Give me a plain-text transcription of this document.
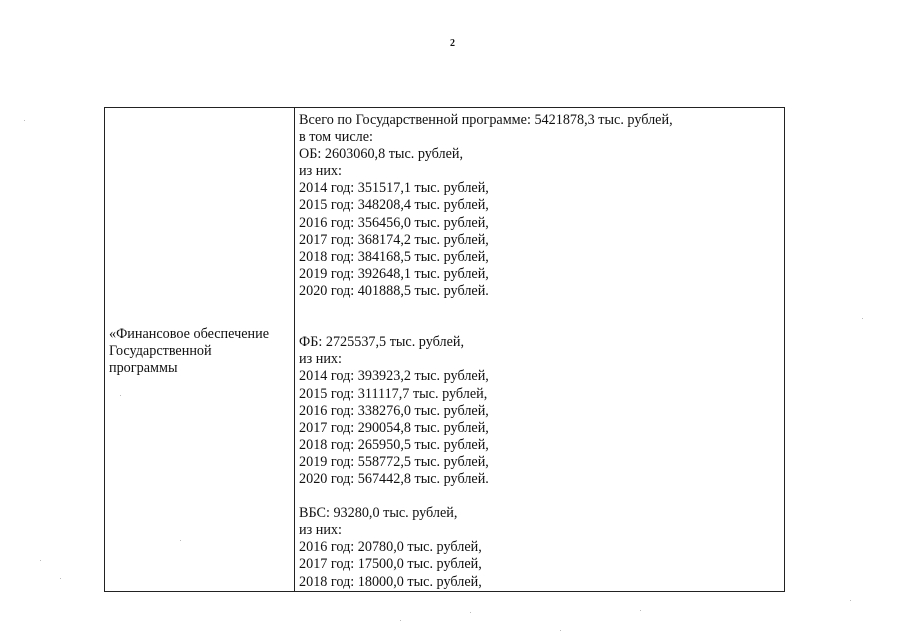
2
«Финансовое обеспечение
Государственной
программы
Всего по Государственной программе: 5421878,3 тыс. рублей,
в том числе:
ОБ: 2603060,8 тыс. рублей,
из них:
2014 год: 351517,1 тыс. рублей,
2015 год: 348208,4 тыс. рублей,
2016 год: 356456,0 тыс. рублей,
2017 год: 368174,2 тыс. рублей,
2018 год: 384168,5 тыс. рублей,
2019 год: 392648,1 тыс. рублей,
2020 год: 401888,5 тыс. рублей.
ФБ: 2725537,5 тыс. рублей,
из них:
2014 год: 393923,2 тыс. рублей,
2015 год: 311117,7 тыс. рублей,
2016 год: 338276,0 тыс. рублей,
2017 год: 290054,8 тыс. рублей,
2018 год: 265950,5 тыс. рублей,
2019 год: 558772,5 тыс. рублей,
2020 год: 567442,8 тыс. рублей.
ВБС: 93280,0 тыс. рублей,
из них:
2016 год: 20780,0 тыс. рублей,
2017 год: 17500,0 тыс. рублей,
2018 год: 18000,0 тыс. рублей,
